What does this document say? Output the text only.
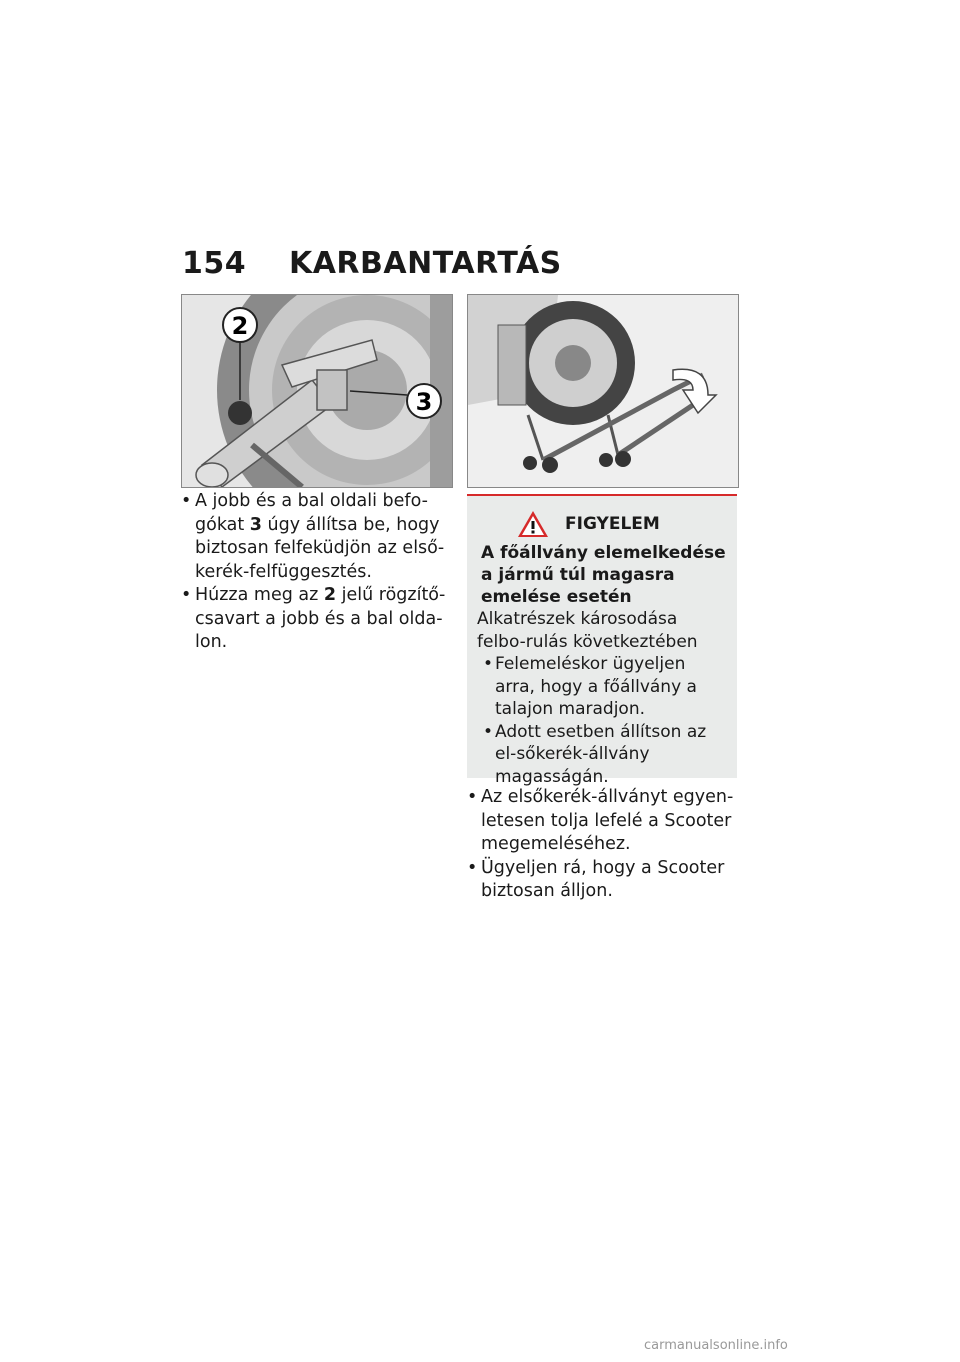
154 KARBANTARTÁS
2
3
• A jobb és a bal oldali befo-gókat 3 úgy állítsa be, hogy biztosan felfeküdjön az első-kerék-felfüggesztés.
• Húzza meg az 2 jelű rögzítő-csavart a jobb és a bal olda-lon.
FIGYELEM
A főállvány elemelkedése a jármű túl magasra emelése esetén
Alkatrészek károsodása felbo-rulás következtében
• Felemeléskor ügyeljen arra, hogy a főállvány a talajon maradjon.
• Adott esetben állítson az el-sőkerék-állvány magasságán.
• Az elsőkerék-állványt egyen-letesen tolja lefelé a Scooter megemeléséhez.
• Ügyeljen rá, hogy a Scooter biztosan álljon.
carmanualsonline.info
